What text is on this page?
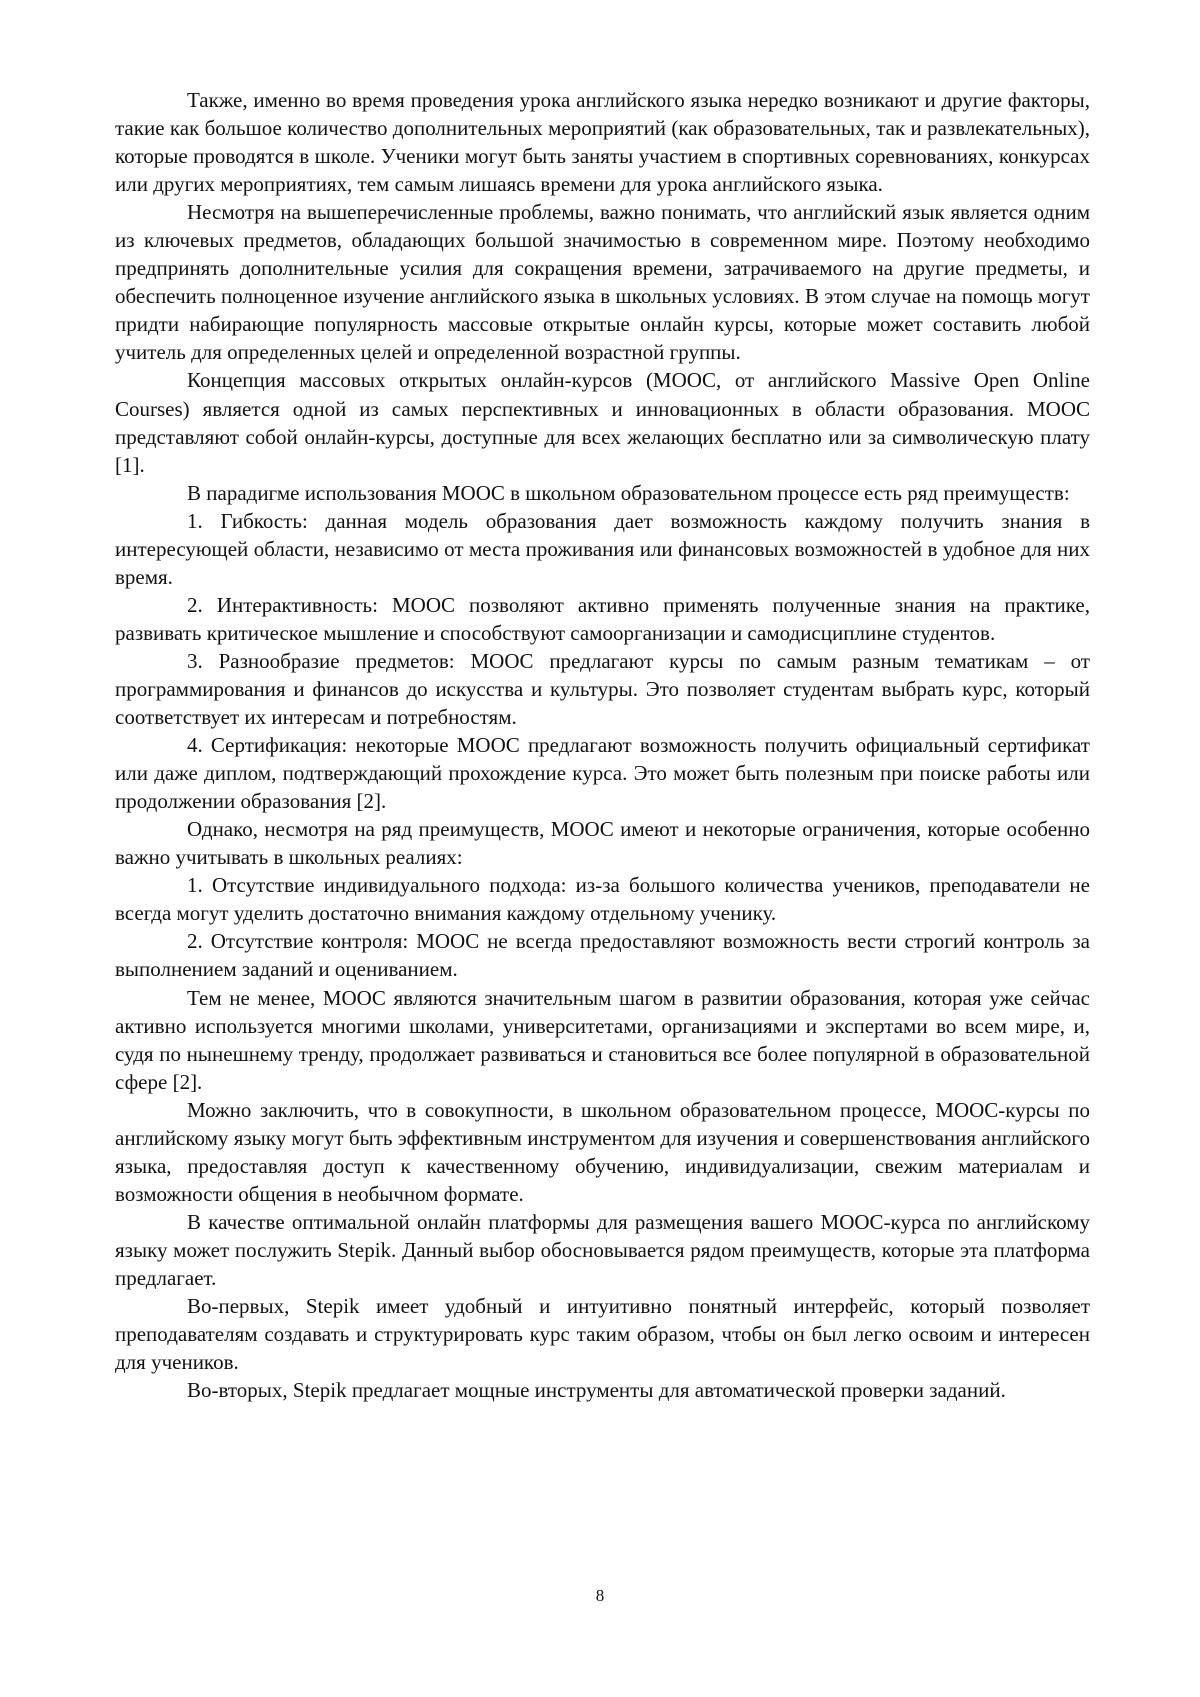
Также, именно во время проведения урока английского языка нередко возникают и другие факторы, такие как большое количество дополнительных мероприятий (как образовательных, так и развлекательных), которые проводятся в школе. Ученики могут быть заняты участием в спортивных соревнованиях, конкурсах или других мероприятиях, тем самым лишаясь времени для урока английского языка.

Несмотря на вышеперечисленные проблемы, важно понимать, что английский язык является одним из ключевых предметов, обладающих большой значимостью в современном мире. Поэтому необходимо предпринять дополнительные усилия для сокращения времени, затрачиваемого на другие предметы, и обеспечить полноценное изучение английского языка в школьных условиях. В этом случае на помощь могут придти набирающие популярность массовые открытые онлайн курсы, которые может составить любой учитель для определенных целей и определенной возрастной группы.

Концепция массовых открытых онлайн-курсов (MOOC, от английского Massive Open Online Courses) является одной из самых перспективных и инновационных в области образования. MOOC представляют собой онлайн-курсы, доступные для всех желающих бесплатно или за символическую плату [1].

В парадигме использования MOOC в школьном образовательном процессе есть ряд преимуществ:

1. Гибкость: данная модель образования дает возможность каждому получить знания в интересующей области, независимо от места проживания или финансовых возможностей в удобное для них время.

2. Интерактивность: MOOC позволяют активно применять полученные знания на практике, развивать критическое мышление и способствуют самоорганизации и самодисциплине студентов.

3. Разнообразие предметов: MOOC предлагают курсы по самым разным тематикам – от программирования и финансов до искусства и культуры. Это позволяет студентам выбрать курс, который соответствует их интересам и потребностям.

4. Сертификация: некоторые MOOC предлагают возможность получить официальный сертификат или даже диплом, подтверждающий прохождение курса. Это может быть полезным при поиске работы или продолжении образования [2].

Однако, несмотря на ряд преимуществ, MOOC имеют и некоторые ограничения, которые особенно важно учитывать в школьных реалиях:

1. Отсутствие индивидуального подхода: из-за большого количества учеников, преподаватели не всегда могут уделить достаточно внимания каждому отдельному ученику.

2. Отсутствие контроля: MOOC не всегда предоставляют возможность вести строгий контроль за выполнением заданий и оцениванием.

Тем не менее, MOOC являются значительным шагом в развитии образования, которая уже сейчас активно используется многими школами, университетами, организациями и экспертами во всем мире, и, судя по нынешнему тренду, продолжает развиваться и становиться все более популярной в образовательной сфере [2].

Можно заключить, что в совокупности, в школьном образовательном процессе, MOOC-курсы по английскому языку могут быть эффективным инструментом для изучения и совершенствования английского языка, предоставляя доступ к качественному обучению, индивидуализации, свежим материалам и возможности общения в необычном формате.

В качестве оптимальной онлайн платформы для размещения вашего MOOC-курса по английскому языку может послужить Stepik. Данный выбор обосновывается рядом преимуществ, которые эта платформа предлагает.

Во-первых, Stepik имеет удобный и интуитивно понятный интерфейс, который позволяет преподавателям создавать и структурировать курс таким образом, чтобы он был легко освоим и интересен для учеников.

Во-вторых, Stepik предлагает мощные инструменты для автоматической проверки заданий.

8
